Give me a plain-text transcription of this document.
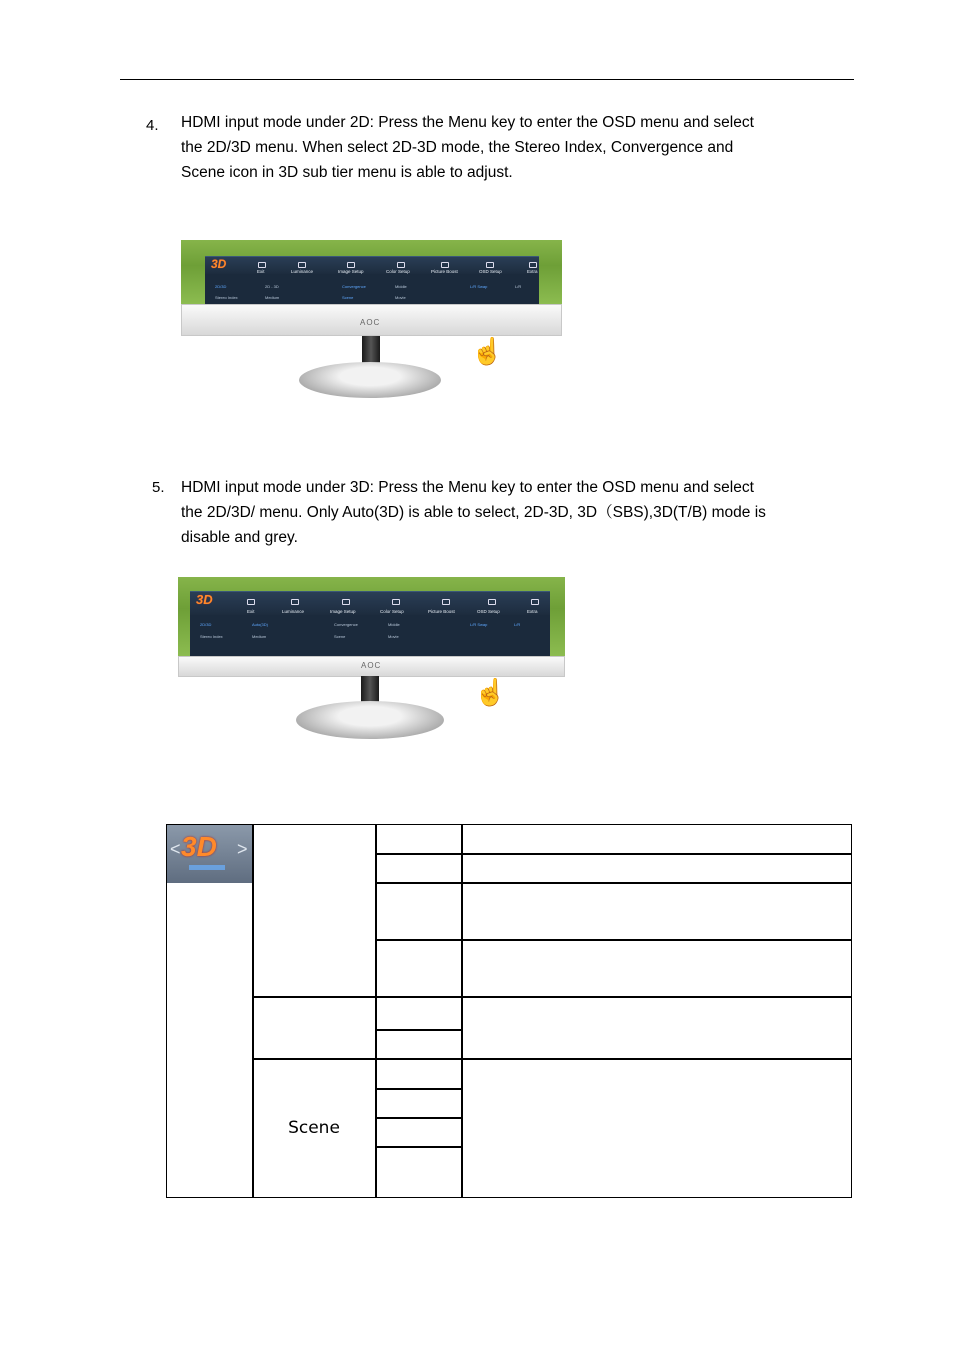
4. HDMI input mode under 2D: Press the Menu key to enter the OSD menu and select

the 2D/3D menu. When select 2D-3D mode, the Stereo Index, Convergence and

Scene icon in 3D sub tier menu is able to adjust.

3D
Exit	Luminance	Image Setup	Color Setup	Picture Boost	OSD Setup	Extra
2D/3D	2D - 3D	Convergence	Middle	L/R Swap	L/R
Stereo Index	Medium	Scene	Movie
AOC
☝
5. HDMI input mode under 3D: Press the Menu key to enter the OSD menu and select

the 2D/3D/ menu. Only Auto(3D) is able to select, 2D-3D, 3D（SBS),3D(T/B) mode is

disable and grey.

3D
Exit	Luminance	Image Setup	Color Setup	Picture Boost	OSD Setup	Extra
2D/3D	Auto(3D)	Convergence	Middle	L/R Swap	L/R
Stereo Index	Medium	Scene	Movie
AOC
☝
< 3D >
Scene
